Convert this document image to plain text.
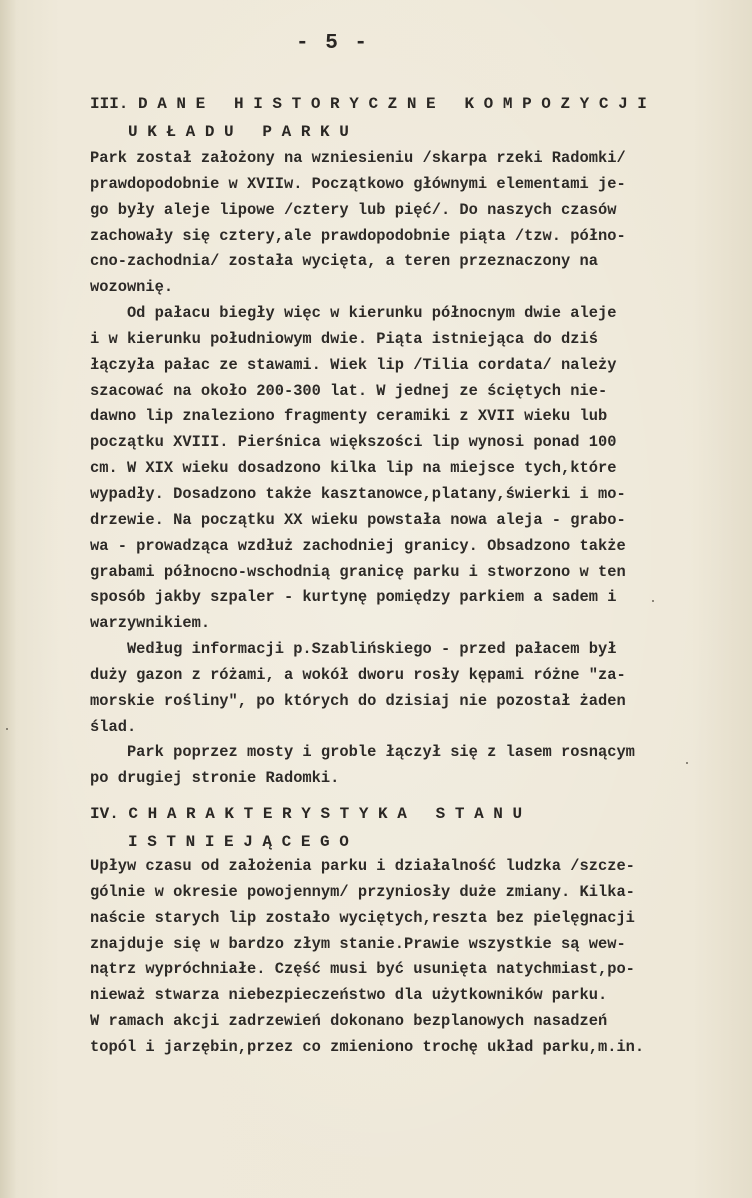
- 5 -
III. D A N E   H I S T O R Y C Z N E   K O M P O Z Y C J I
U K Ł A D U   P A R K U
Park został założony na wzniesieniu /skarpa rzeki Radomki/
prawdopodobnie w XVIIw. Początkowo głównymi elementami je-
go były aleje lipowe /cztery lub pięć/. Do naszych czasów
zachowały się cztery,ale prawdopodobnie piąta /tzw. półno-
cno-zachodnia/ została wycięta, a teren przeznaczony na
wozownię.
Od pałacu biegły więc w kierunku północnym dwie aleje
i w kierunku południowym dwie. Piąta istniejąca do dziś
łączyła pałac ze stawami. Wiek lip /Tilia cordata/ należy
szacować na około 200-300 lat. W jednej ze ściętych nie-
dawno lip znaleziono fragmenty ceramiki z XVII wieku lub
początku XVIII. Pierśnica większości lip wynosi ponad 100
cm. W XIX wieku dosadzono kilka lip na miejsce tych,które
wypadły. Dosadzono także kasztanowce,platany,świerki i mo-
drzewie. Na początku XX wieku powstała nowa aleja - grabo-
wa - prowadząca wzdłuż zachodniej granicy. Obsadzono także
grabami północno-wschodnią granicę parku i stworzono w ten
sposób jakby szpaler - kurtynę pomiędzy parkiem a sadem i
warzywnikiem.
Według informacji p.Szablińskiego - przed pałacem był
duży gazon z różami, a wokół dworu rosły kępami różne "za-
morskie rośliny", po których do dzisiaj nie pozostał żaden
ślad.
Park poprzez mosty i groble łączył się z lasem rosnącym
po drugiej stronie Radomki.
IV. C H A R A K T E R Y S T Y K A   S T A N U
I S T N I E J Ą C E G O
Upływ czasu od założenia parku i działalność ludzka /szcze-
gólnie w okresie powojennym/ przyniosły duże zmiany. Kilka-
naście starych lip zostało wyciętych,reszta bez pielęgnacji
znajduje się w bardzo złym stanie.Prawie wszystkie są wew-
nątrz wypróchniałe. Część musi być usunięta natychmiast,po-
nieważ stwarza niebezpieczeństwo dla użytkowników parku.
W ramach akcji zadrzewień dokonano bezplanowych nasadzeń
topól i jarzębin,przez co zmieniono trochę układ parku,m.in.
